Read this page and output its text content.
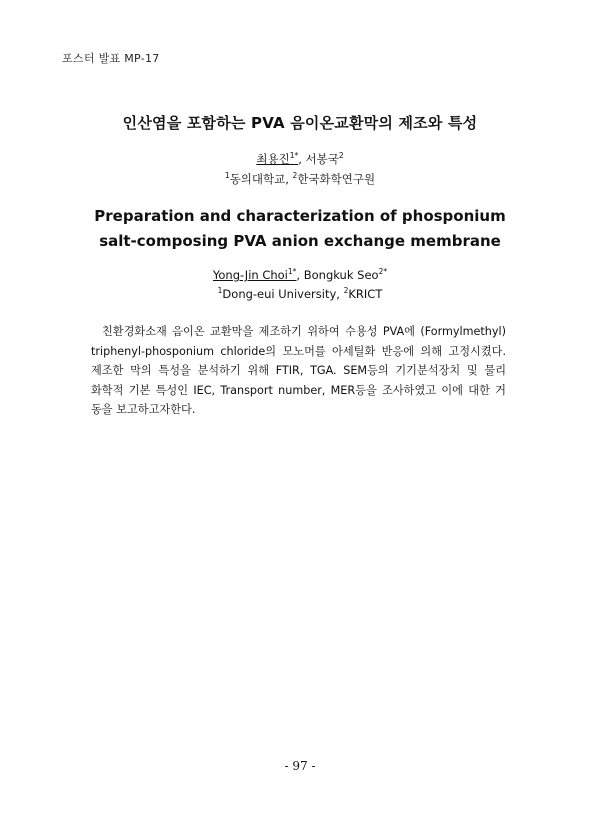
포스터 발표 MP-17
인산염을 포함하는 PVA 음이온교환막의 제조와 특성
최용진$^{1*}$, 서봉국$^2$
$^1$동의대학교, $^2$한국화학연구원
Preparation and characterization of phosponium
salt-composing PVA anion exchange membrane
Yong-Jin Choi$^{1*}$, Bongkuk Seo$^{2*}$
$^1$Dong-eui University, $^2$KRICT
친환경화소재 음이온 교환막을 제조하기 위하여 수용성 PVA에 (Formylmethyl)
triphenyl-phosponium chloride의 모노머를 아세틸화 반응에 의해 고정시켰다.
제조한 막의 특성을 분석하기 위해 FTIR, TGA. SEM등의 기기분석장치 및 물리
화학적 기본 특성인 IEC, Transport number, MER등을 조사하였고 이에 대한 거
동을 보고하고자한다.
- 97 -
